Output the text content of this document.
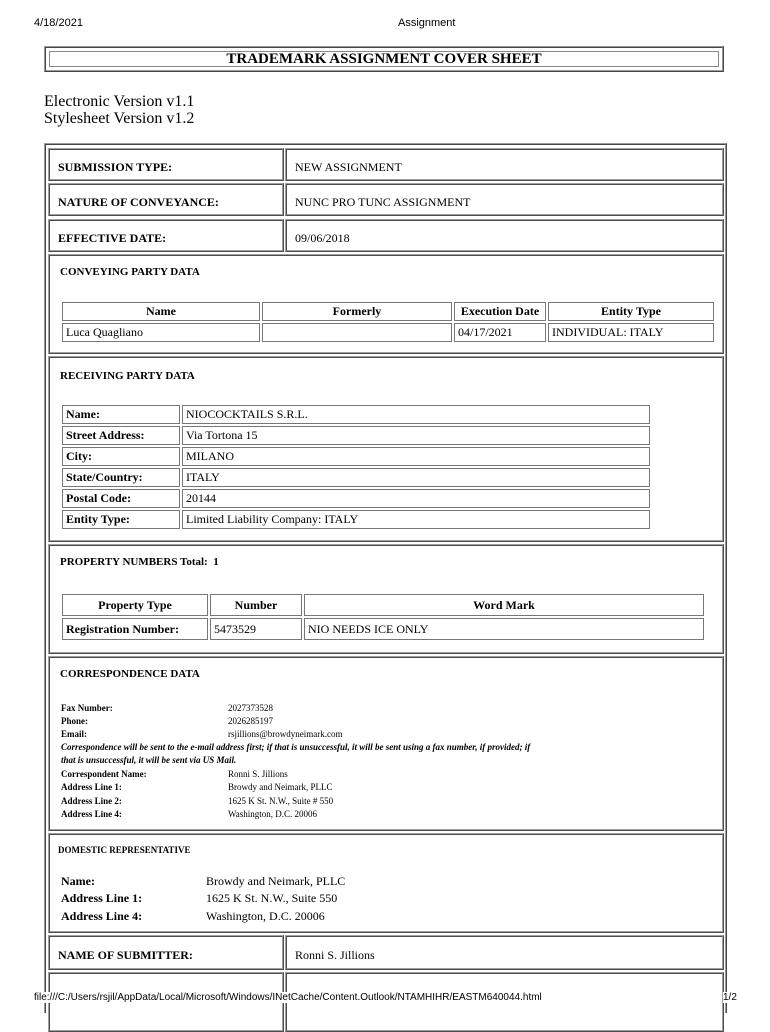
4/18/2021	Assignment
TRADEMARK ASSIGNMENT COVER SHEET
Electronic Version v1.1
Stylesheet Version v1.2
SUBMISSION TYPE:	NEW ASSIGNMENT
NATURE OF CONVEYANCE:	NUNC PRO TUNC ASSIGNMENT
EFFECTIVE DATE:	09/06/2018
CONVEYING PARTY DATA
Name	Formerly	Execution Date	Entity Type
Luca Quagliano		04/17/2021	INDIVIDUAL: ITALY
RECEIVING PARTY DATA
Name:	NIOCOCKTAILS S.R.L.
Street Address:	Via Tortona 15
City:	MILANO
State/Country:	ITALY
Postal Code:	20144
Entity Type:	Limited Liability Company: ITALY
PROPERTY NUMBERS Total: 1
Property Type	Number	Word Mark
Registration Number:	5473529	NIO NEEDS ICE ONLY
CORRESPONDENCE DATA
Fax Number:	2027373528
Phone:	2026285197
Email:	rsjillions@browdyneimark.com
Correspondence will be sent to the e-mail address first; if that is unsuccessful, it will be sent using a fax number, if provided; if
that is unsuccessful, it will be sent via US Mail.
Correspondent Name:	Ronni S. Jillions
Address Line 1:	Browdy and Neimark, PLLC
Address Line 2:	1625 K St. N.W., Suite # 550
Address Line 4:	Washington, D.C. 20006
DOMESTIC REPRESENTATIVE
Name:	Browdy and Neimark, PLLC
Address Line 1:	1625 K St. N.W., Suite 550
Address Line 4:	Washington, D.C. 20006
NAME OF SUBMITTER:	Ronni S. Jillions
file:///C:/Users/rsjil/AppData/Local/Microsoft/Windows/INetCache/Content.Outlook/NTAMHIHR/EASTM640044.html	1/2
